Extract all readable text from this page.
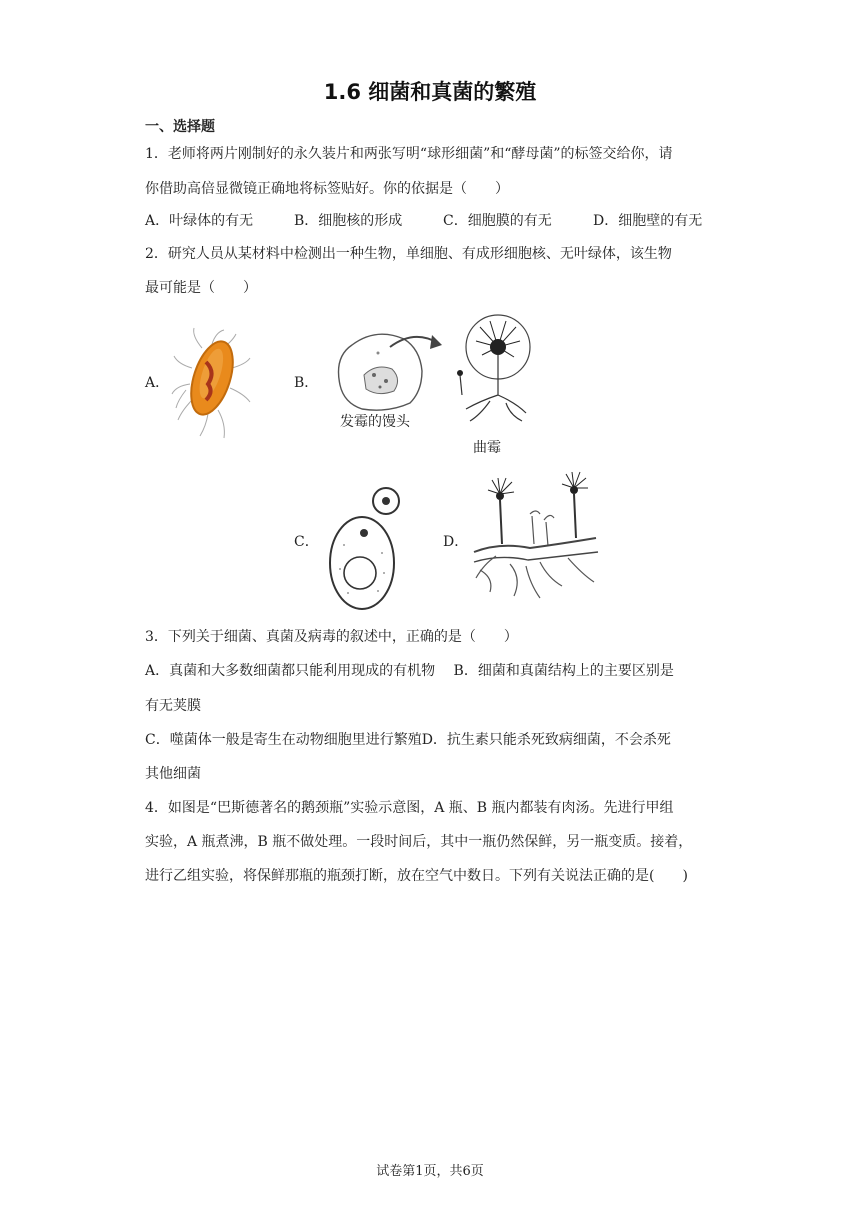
1.6 细菌和真菌的繁殖
一、选择题
1．老师将两片刚制好的永久装片和两张写明“球形细菌”和“酵母菌”的标签交给你，请
你借助高倍显微镜正确地将标签贴好。你的依据是（　　）
A．叶绿体的有无	B．细胞核的形成	C．细胞膜的有无	D．细胞壁的有无
2．研究人员从某材料中检测出一种生物，单细胞、有成形细胞核、无叶绿体，该生物
最可能是（　　）
A．	B．
C．	D．
发霉的馒头
曲霉
3．下列关于细菌、真菌及病毒的叙述中，正确的是（　　）
A．真菌和大多数细菌都只能利用现成的有机物　 B．细菌和真菌结构上的主要区别是
有无荚膜
C．噬菌体一般是寄生在动物细胞里进行繁殖D．抗生素只能杀死致病细菌，不会杀死
其他细菌
4．如图是“巴斯德著名的鹅颈瓶”实验示意图，A 瓶、B 瓶内都装有肉汤。先进行甲组
实验，A 瓶煮沸，B 瓶不做处理。一段时间后，其中一瓶仍然保鲜，另一瓶变质。接着，
进行乙组实验，将保鲜那瓶的瓶颈打断，放在空气中数日。下列有关说法正确的是(　　)
试卷第1页，共6页
